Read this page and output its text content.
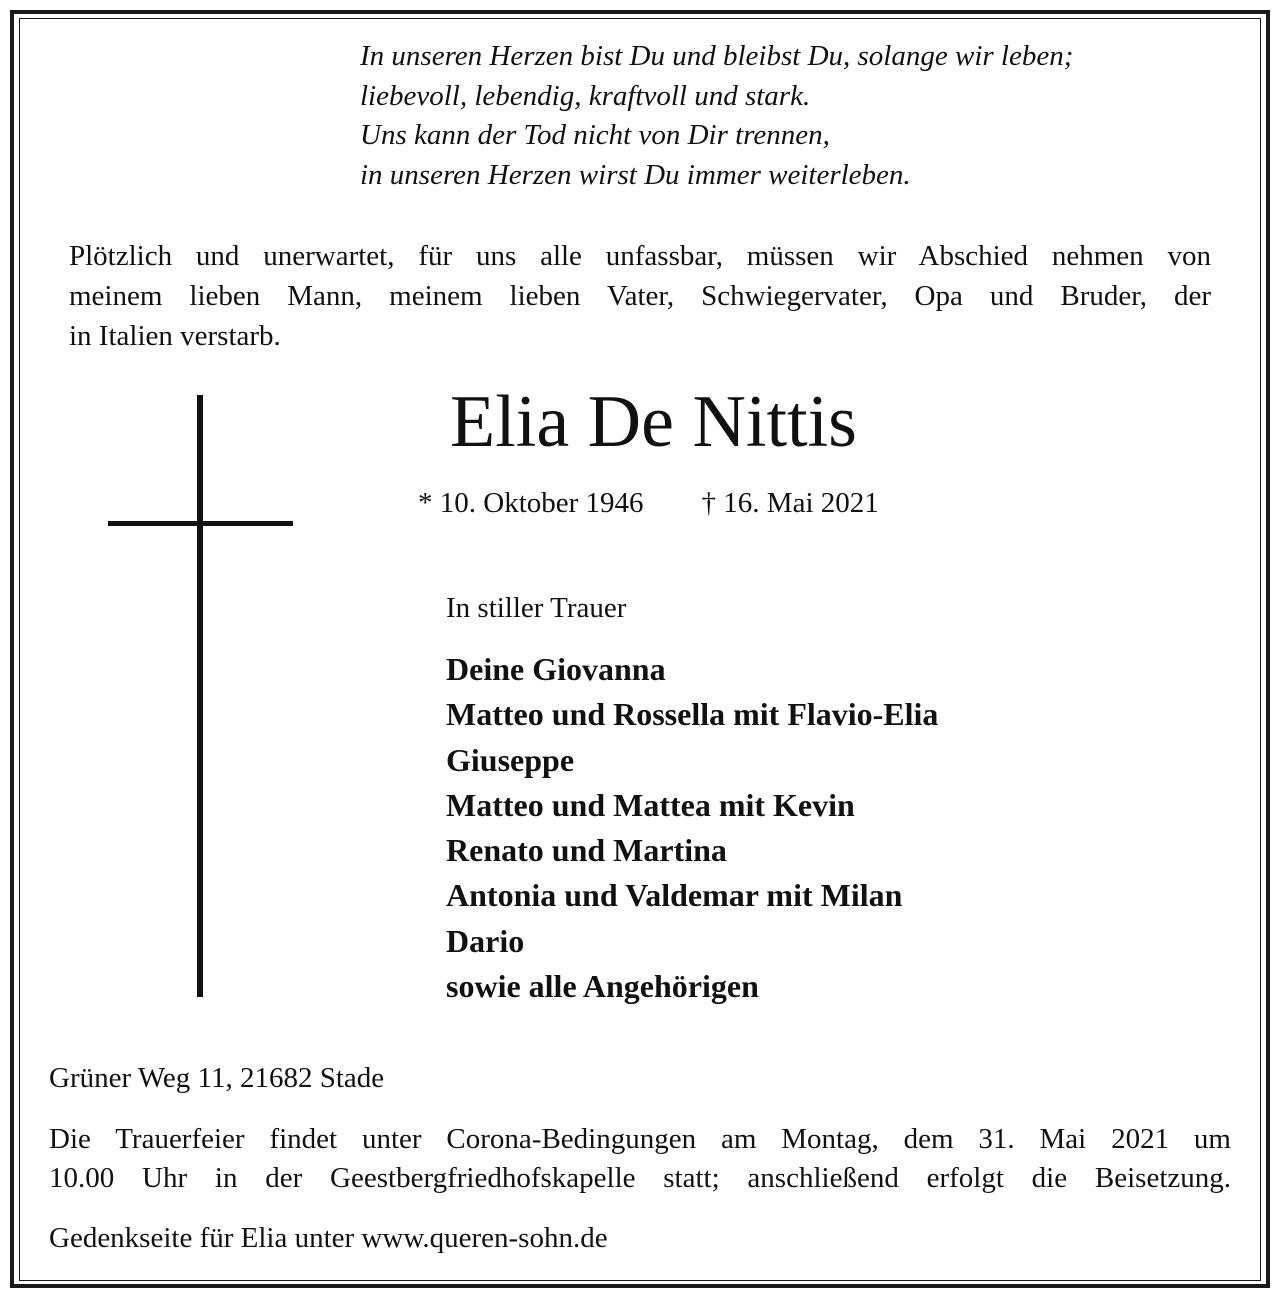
In unseren Herzen bist Du und bleibst Du, solange wir leben;
liebevoll, lebendig, kraftvoll und stark.
Uns kann der Tod nicht von Dir trennen,
in unseren Herzen wirst Du immer weiterleben.
Plötzlich und unerwartet, für uns alle unfassbar, müssen wir Abschied nehmen von
meinem lieben Mann, meinem lieben Vater, Schwiegervater, Opa und Bruder, der
in Italien verstarb.
Elia De Nittis
* 10. Oktober 1946 † 16. Mai 2021
In stiller Trauer
Deine Giovanna
Matteo und Rossella mit Flavio-Elia
Giuseppe
Matteo und Mattea mit Kevin
Renato und Martina
Antonia und Valdemar mit Milan
Dario
sowie alle Angehörigen
Grüner Weg 11, 21682 Stade
Die Trauerfeier findet unter Corona-Bedingungen am Montag, dem 31. Mai 2021 um
10.00 Uhr in der Geestbergfriedhofskapelle statt; anschließend erfolgt die Beisetzung.
Gedenkseite für Elia unter www.queren-sohn.de
